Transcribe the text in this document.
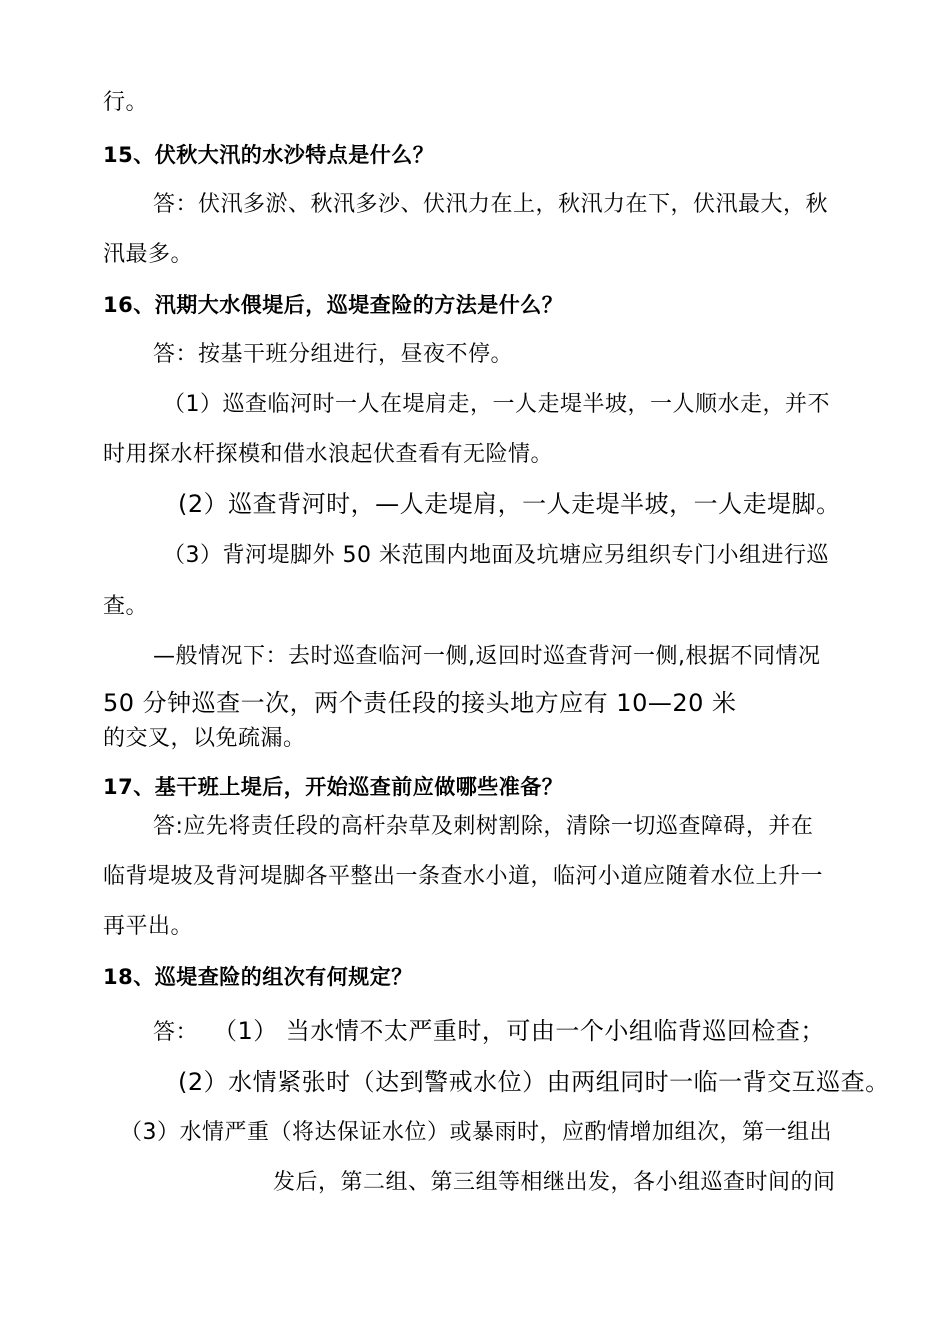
行。
15、伏秋大汛的水沙特点是什么？
答：伏汛多淤、秋汛多沙、伏汛力在上，秋汛力在下，伏汛最大，秋
汛最多。
16、汛期大水偎堤后，巡堤查险的方法是什么？
答：按基干班分组进行，昼夜不停。
（1）巡查临河时一人在堤肩走，一人走堤半坡，一人顺水走，并不
时用探水杆探模和借水浪起伏查看有无险情。
(2）巡查背河时，—人走堤肩，一人走堤半坡，一人走堤脚。
（3）背河堤脚外 50 米范围内地面及坑塘应另组织专门小组进行巡
查。
—般情况下：去时巡查临河一侧,返回时巡查背河一侧,根据不同情况
50 分钟巡查一次，两个责任段的接头地方应有 10—20 米
的交叉，以免疏漏。
17、基干班上堤后，开始巡查前应做哪些准备？
答:应先将责任段的高杆杂草及刺树割除，清除一切巡查障碍，并在
临背堤坡及背河堤脚各平整出一条查水小道，临河小道应随着水位上升一
再平出。
18、巡堤查险的组次有何规定？
答： （1） 当水情不太严重时，可由一个小组临背巡回检查；
(2）水情紧张时（达到警戒水位）由两组同时一临一背交互巡查。
（3）水情严重（将达保证水位）或暴雨时，应酌情增加组次，第一组出
发后，第二组、第三组等相继出发，各小组巡查时间的间
